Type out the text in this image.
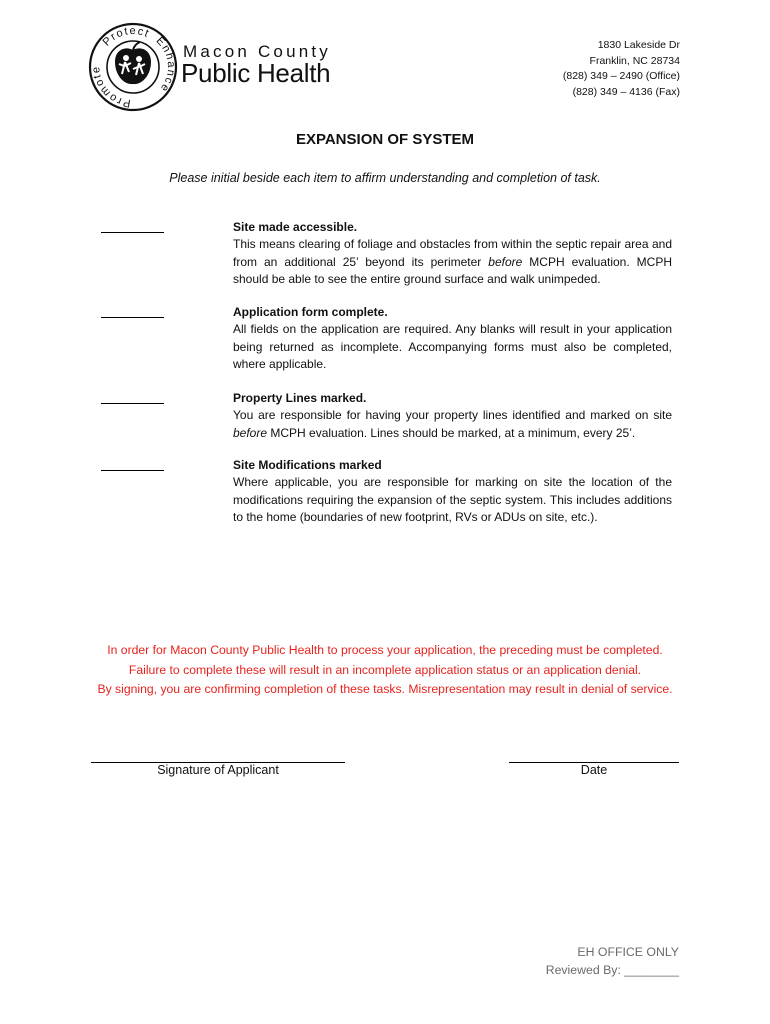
Protect
Enhance
Promote
Macon County
Public Health
1830 Lakeside Dr
Franklin, NC 28734
(828) 349 – 2490 (Office)
(828) 349 – 4136 (Fax)
EXPANSION OF SYSTEM
Please initial beside each item to affirm understanding and completion of task.
Site made accessible.
This means clearing of foliage and obstacles from within the septic repair area and from an additional 25’ beyond its perimeter before MCPH evaluation. MCPH should be able to see the entire ground surface and walk unimpeded.
Application form complete.
All fields on the application are required. Any blanks will result in your application being returned as incomplete. Accompanying forms must also be completed, where applicable.
Property Lines marked.
You are responsible for having your property lines identified and marked on site before MCPH evaluation. Lines should be marked, at a minimum, every 25’.
Site Modifications marked
Where applicable, you are responsible for marking on site the location of the modifications requiring the expansion of the septic system. This includes additions to the home (boundaries of new footprint, RVs or ADUs on site, etc.).
In order for Macon County Public Health to process your application, the preceding must be completed.
Failure to complete these will result in an incomplete application status or an application denial.
By signing, you are confirming completion of these tasks. Misrepresentation may result in denial of service.
Signature of Applicant	Date
EH OFFICE ONLY
Reviewed By: ________
